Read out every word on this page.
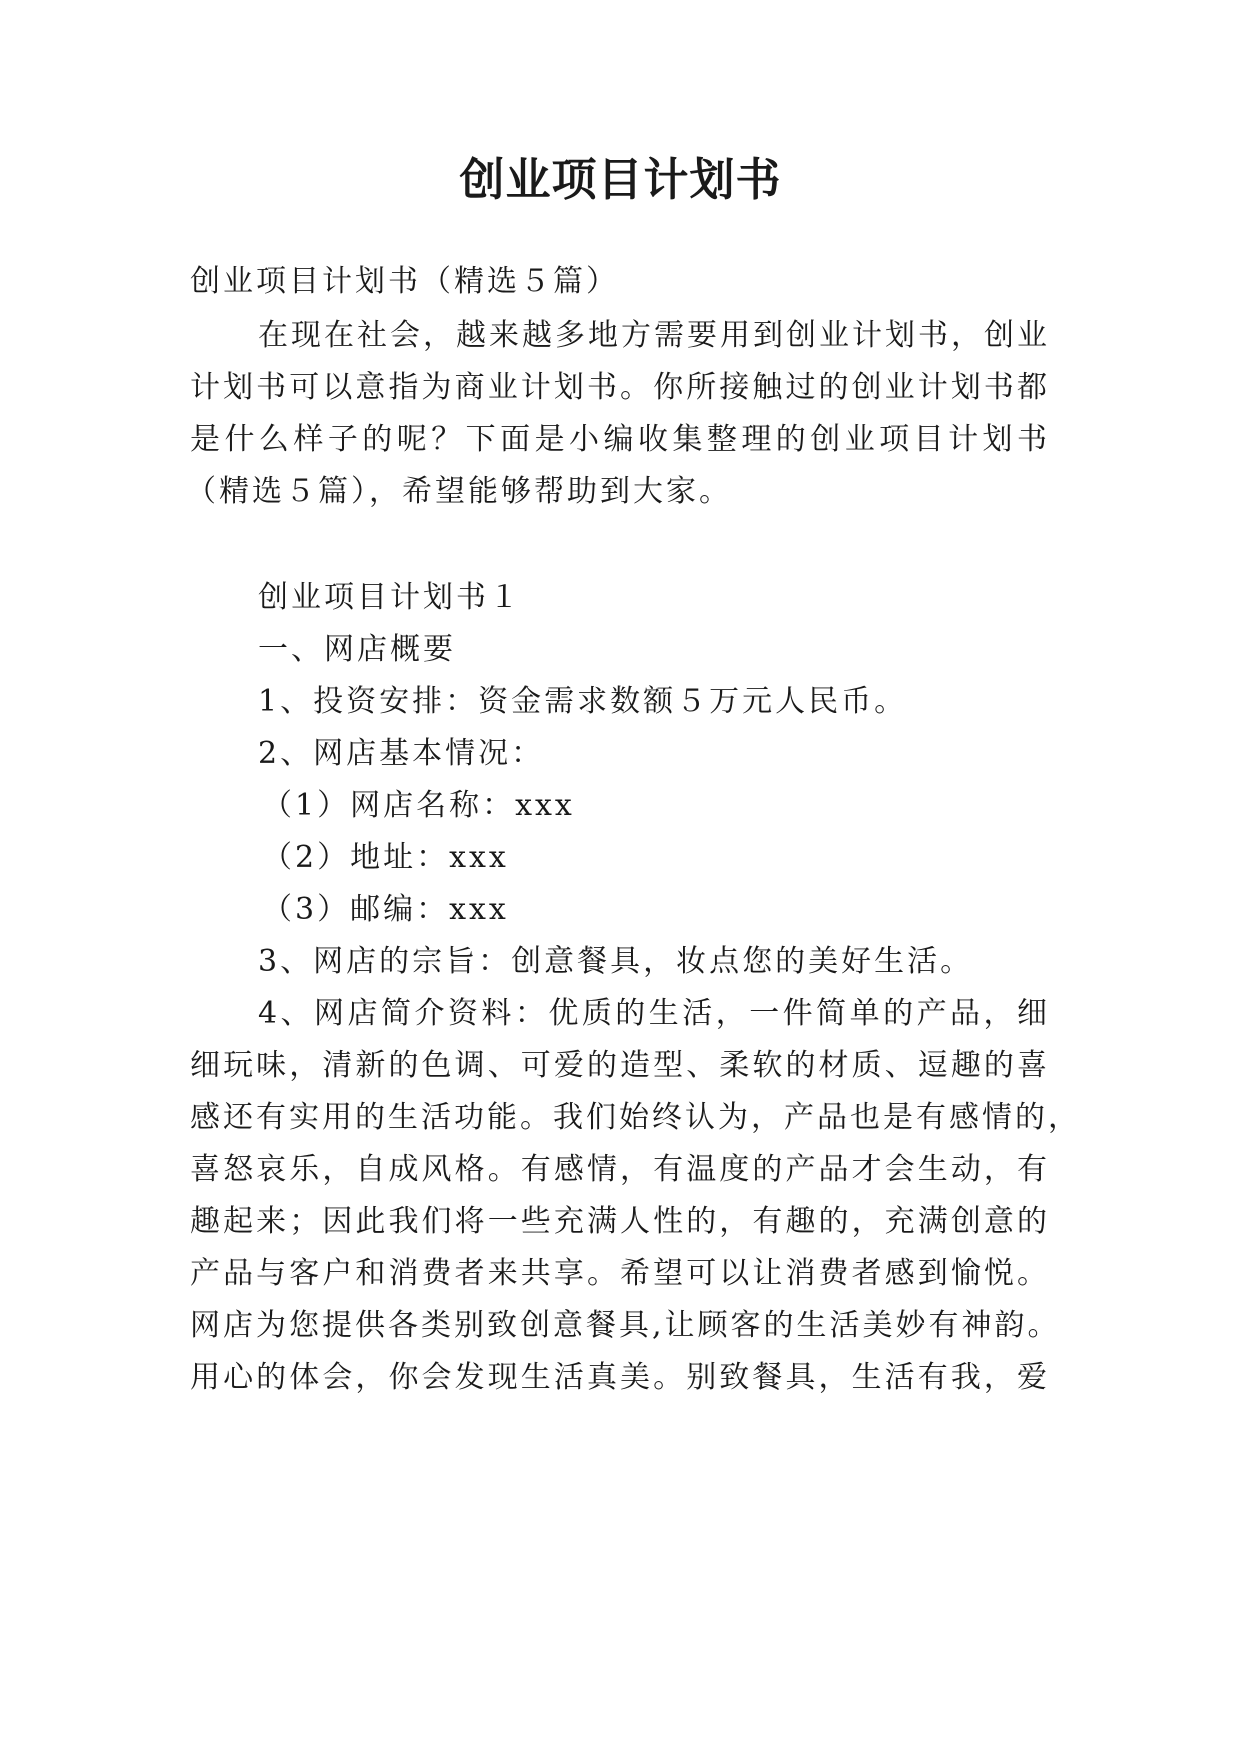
创业项目计划书
创业项目计划书（精选５篇）
在现在社会，越来越多地方需要用到创业计划书，创业
计划书可以意指为商业计划书。你所接触过的创业计划书都
是什么样子的呢？下面是小编收集整理的创业项目计划书
（精选５篇），希望能够帮助到大家。
创业项目计划书１
一、网店概要
1、投资安排：资金需求数额５万元人民币。
2、网店基本情况：
（1）网店名称：xxx
（2）地址：xxx
（3）邮编：xxx
3、网店的宗旨：创意餐具，妆点您的美好生活。
4、网店简介资料：优质的生活，一件简单的产品，细
细玩味，清新的色调、可爱的造型、柔软的材质、逗趣的喜
感还有实用的生活功能。我们始终认为，产品也是有感情的，
喜怒哀乐，自成风格。有感情，有温度的产品才会生动，有
趣起来；因此我们将一些充满人性的，有趣的，充满创意的
产品与客户和消费者来共享。希望可以让消费者感到愉悦。
网店为您提供各类别致创意餐具,让顾客的生活美妙有神韵。
用心的体会，你会发现生活真美。别致餐具，生活有我，爱
